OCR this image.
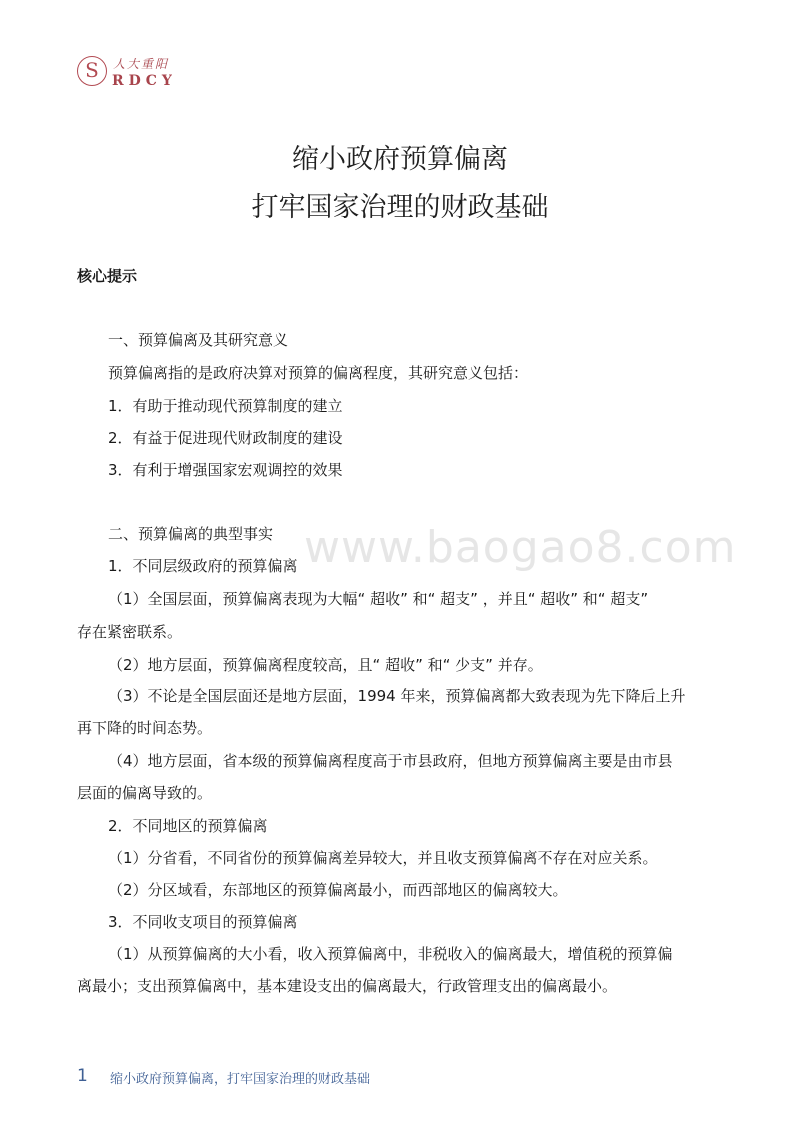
S	人大重阳
RDCY
缩小政府预算偏离
打牢国家治理的财政基础
核心提示
一、预算偏离及其研究意义
预算偏离指的是政府决算对预算的偏离程度，其研究意义包括：
1．有助于推动现代预算制度的建立
2．有益于促进现代财政制度的建设
3．有利于增强国家宏观调控的效果
www.baogao8.com
二、预算偏离的典型事实
1．不同层级政府的预算偏离
（1）全国层面，预算偏离表现为大幅“ 超收” 和“ 超支” ，并且“ 超收” 和“ 超支”
存在紧密联系。
（2）地方层面，预算偏离程度较高，且“ 超收” 和“ 少支” 并存。
（3）不论是全国层面还是地方层面，1994 年来，预算偏离都大致表现为先下降后上升
再下降的时间态势。
（4）地方层面，省本级的预算偏离程度高于市县政府，但地方预算偏离主要是由市县
层面的偏离导致的。
2．不同地区的预算偏离
（1）分省看，不同省份的预算偏离差异较大，并且收支预算偏离不存在对应关系。
（2）分区域看，东部地区的预算偏离最小，而西部地区的偏离较大。
3．不同收支项目的预算偏离
（1）从预算偏离的大小看，收入预算偏离中，非税收入的偏离最大，增值税的预算偏
离最小；支出预算偏离中，基本建设支出的偏离最大，行政管理支出的偏离最小。
1 缩小政府预算偏离，打牢国家治理的财政基础
